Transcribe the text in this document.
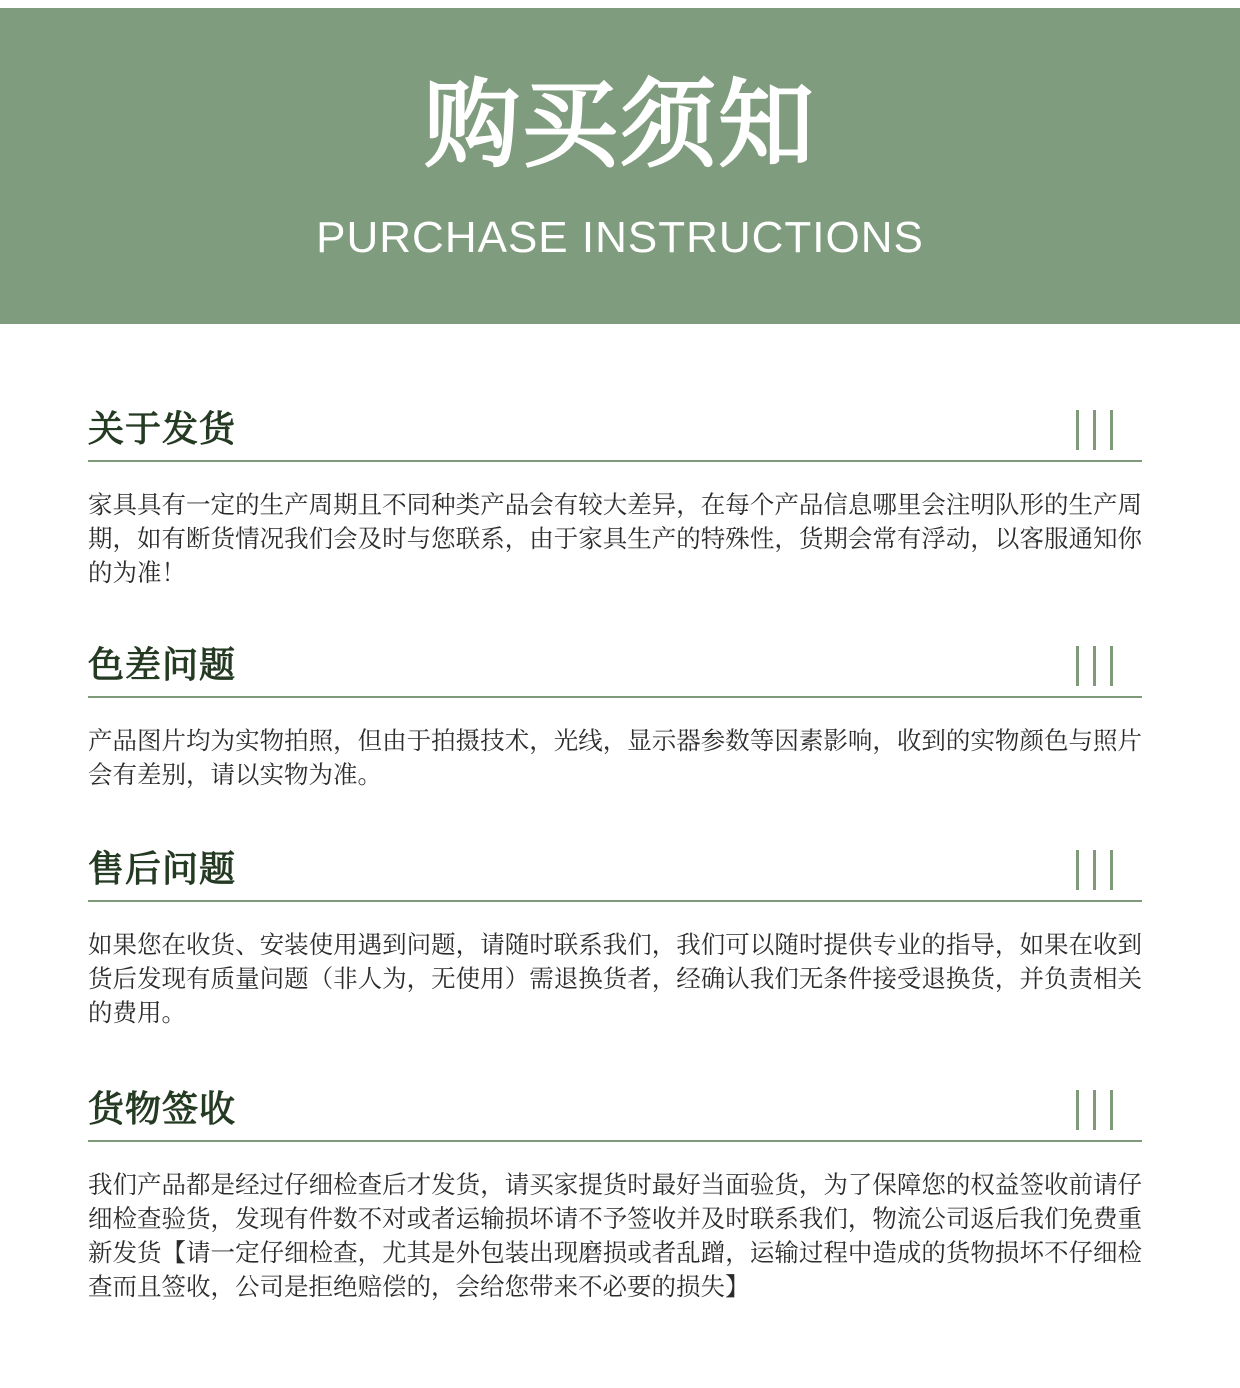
购买须知
PURCHASE INSTRUCTIONS
关于发货
家具具有一定的生产周期且不同种类产品会有较大差异，在每个产品信息哪里会注明队形的生产周期，如有断货情况我们会及时与您联系，由于家具生产的特殊性，货期会常有浮动，以客服通知你的为准！
色差问题
产品图片均为实物拍照，但由于拍摄技术，光线，显示器参数等因素影响，收到的实物颜色与照片会有差别，请以实物为准。
售后问题
如果您在收货、安装使用遇到问题，请随时联系我们，我们可以随时提供专业的指导，如果在收到货后发现有质量问题（非人为，无使用）需退换货者，经确认我们无条件接受退换货，并负责相关的费用。
货物签收
我们产品都是经过仔细检查后才发货，请买家提货时最好当面验货，为了保障您的权益签收前请仔细检查验货，发现有件数不对或者运输损坏请不予签收并及时联系我们，物流公司返后我们免费重新发货【请一定仔细检查，尤其是外包装出现磨损或者乱蹭，运输过程中造成的货物损坏不仔细检查而且签收，公司是拒绝赔偿的，会给您带来不必要的损失】
